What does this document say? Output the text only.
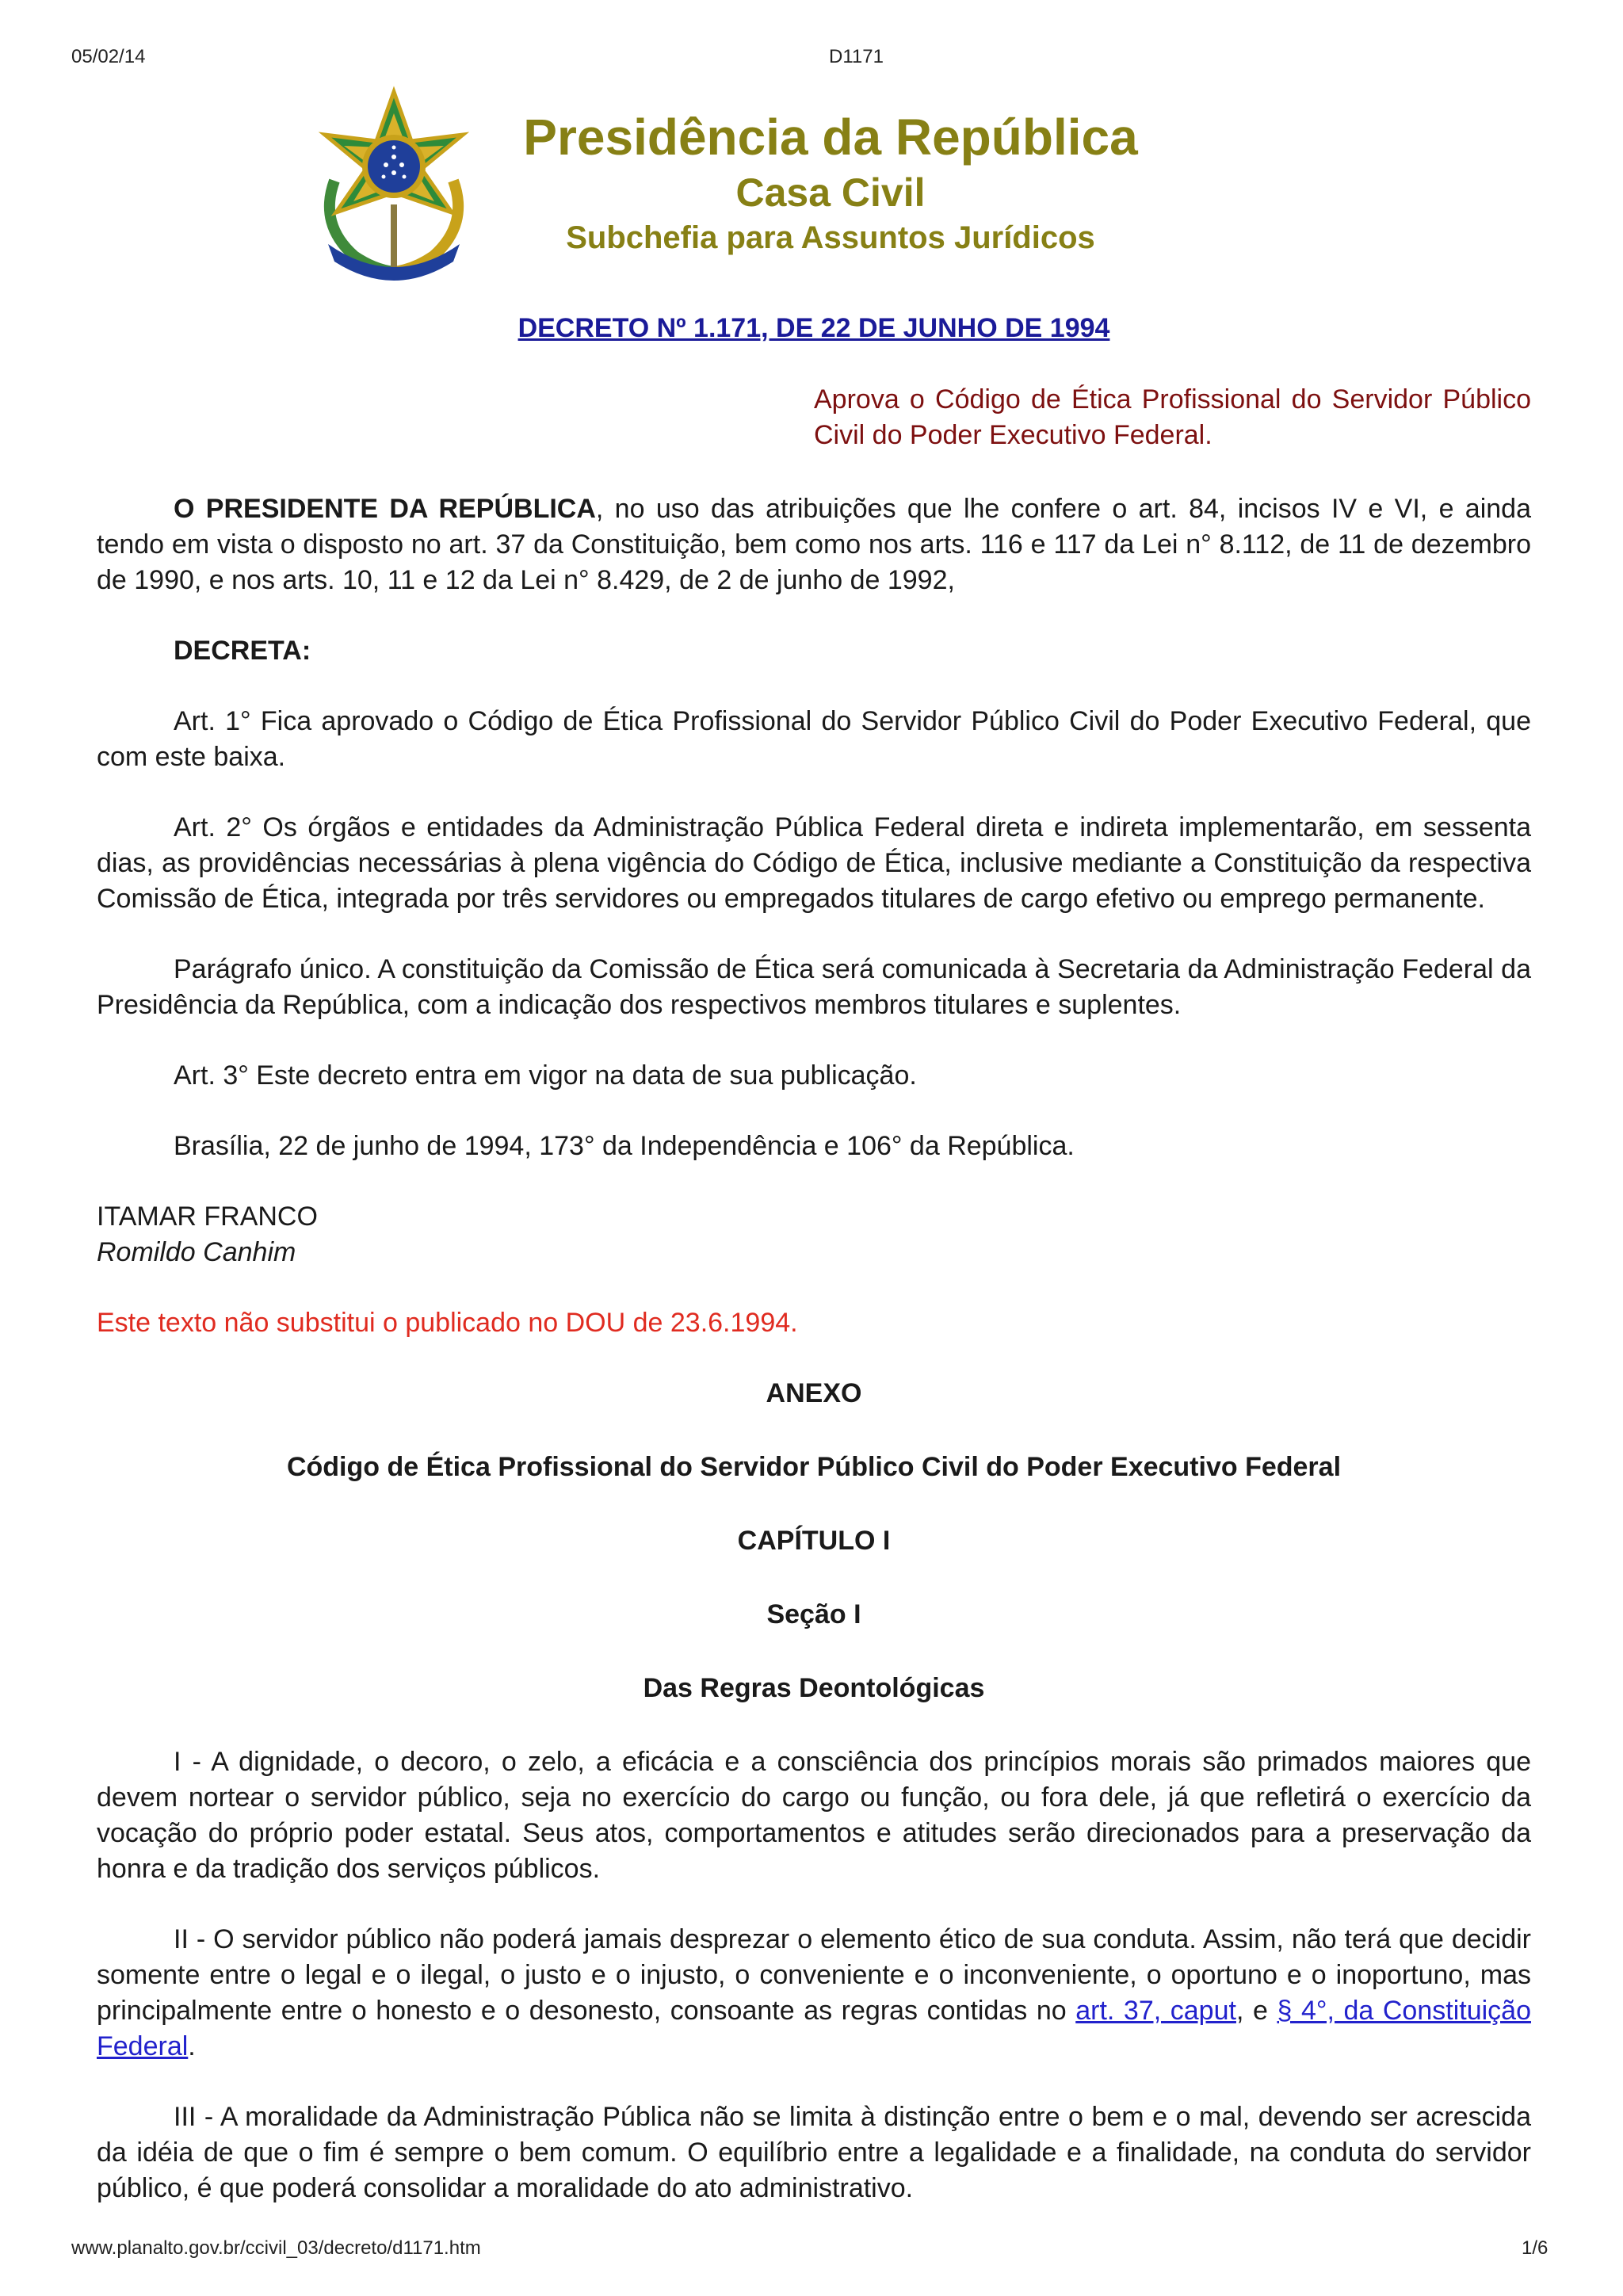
05/02/14	D1171
Presidência da República
Casa Civil
Subchefia para Assuntos Jurídicos

DECRETO Nº 1.171, DE 22 DE JUNHO DE 1994

Aprova o Código de Ética Profissional do Servidor Público Civil do Poder Executivo Federal.

O PRESIDENTE DA REPÚBLICA, no uso das atribuições que lhe confere o art. 84, incisos IV e VI, e ainda tendo em vista o disposto no art. 37 da Constituição, bem como nos arts. 116 e 117 da Lei n° 8.112, de 11 de dezembro de 1990, e nos arts. 10, 11 e 12 da Lei n° 8.429, de 2 de junho de 1992,

DECRETA:

Art. 1° Fica aprovado o Código de Ética Profissional do Servidor Público Civil do Poder Executivo Federal, que com este baixa.

Art. 2° Os órgãos e entidades da Administração Pública Federal direta e indireta implementarão, em sessenta dias, as providências necessárias à plena vigência do Código de Ética, inclusive mediante a Constituição da respectiva Comissão de Ética, integrada por três servidores ou empregados titulares de cargo efetivo ou emprego permanente.

Parágrafo único. A constituição da Comissão de Ética será comunicada à Secretaria da Administração Federal da Presidência da República, com a indicação dos respectivos membros titulares e suplentes.

Art. 3° Este decreto entra em vigor na data de sua publicação.

Brasília, 22 de junho de 1994, 173° da Independência e 106° da República.

ITAMAR FRANCO
Romildo Canhim

Este texto não substitui o publicado no DOU de 23.6.1994.

ANEXO

Código de Ética Profissional do Servidor Público Civil do Poder Executivo Federal

CAPÍTULO I

Seção I

Das Regras Deontológicas

I - A dignidade, o decoro, o zelo, a eficácia e a consciência dos princípios morais são primados maiores que devem nortear o servidor público, seja no exercício do cargo ou função, ou fora dele, já que refletirá o exercício da vocação do próprio poder estatal. Seus atos, comportamentos e atitudes serão direcionados para a preservação da honra e da tradição dos serviços públicos.

II - O servidor público não poderá jamais desprezar o elemento ético de sua conduta. Assim, não terá que decidir somente entre o legal e o ilegal, o justo e o injusto, o conveniente e o inconveniente, o oportuno e o inoportuno, mas principalmente entre o honesto e o desonesto, consoante as regras contidas no art. 37, caput, e § 4°, da Constituição Federal.

III - A moralidade da Administração Pública não se limita à distinção entre o bem e o mal, devendo ser acrescida da idéia de que o fim é sempre o bem comum. O equilíbrio entre a legalidade e a finalidade, na conduta do servidor público, é que poderá consolidar a moralidade do ato administrativo.

www.planalto.gov.br/ccivil_03/decreto/d1171.htm	1/6
